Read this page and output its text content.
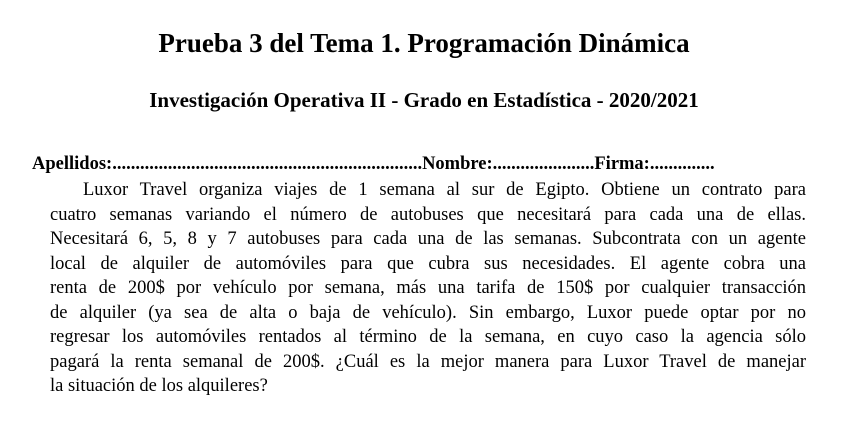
Prueba 3 del Tema 1. Programación Dinámica
Investigación Operativa II - Grado en Estadística - 2020/2021
Apellidos:...................................................................Nombre:......................Firma:..............
Luxor Travel organiza viajes de 1 semana al sur de Egipto. Obtiene un contrato para
cuatro semanas variando el número de autobuses que necesitará para cada una de ellas.
Necesitará 6, 5, 8 y 7 autobuses para cada una de las semanas. Subcontrata con un agente
local de alquiler de automóviles para que cubra sus necesidades. El agente cobra una
renta de 200$ por vehículo por semana, más una tarifa de 150$ por cualquier transacción
de alquiler (ya sea de alta o baja de vehículo). Sin embargo, Luxor puede optar por no
regresar los automóviles rentados al término de la semana, en cuyo caso la agencia sólo
pagará la renta semanal de 200$. ¿Cuál es la mejor manera para Luxor Travel de manejar
la situación de los alquileres?
